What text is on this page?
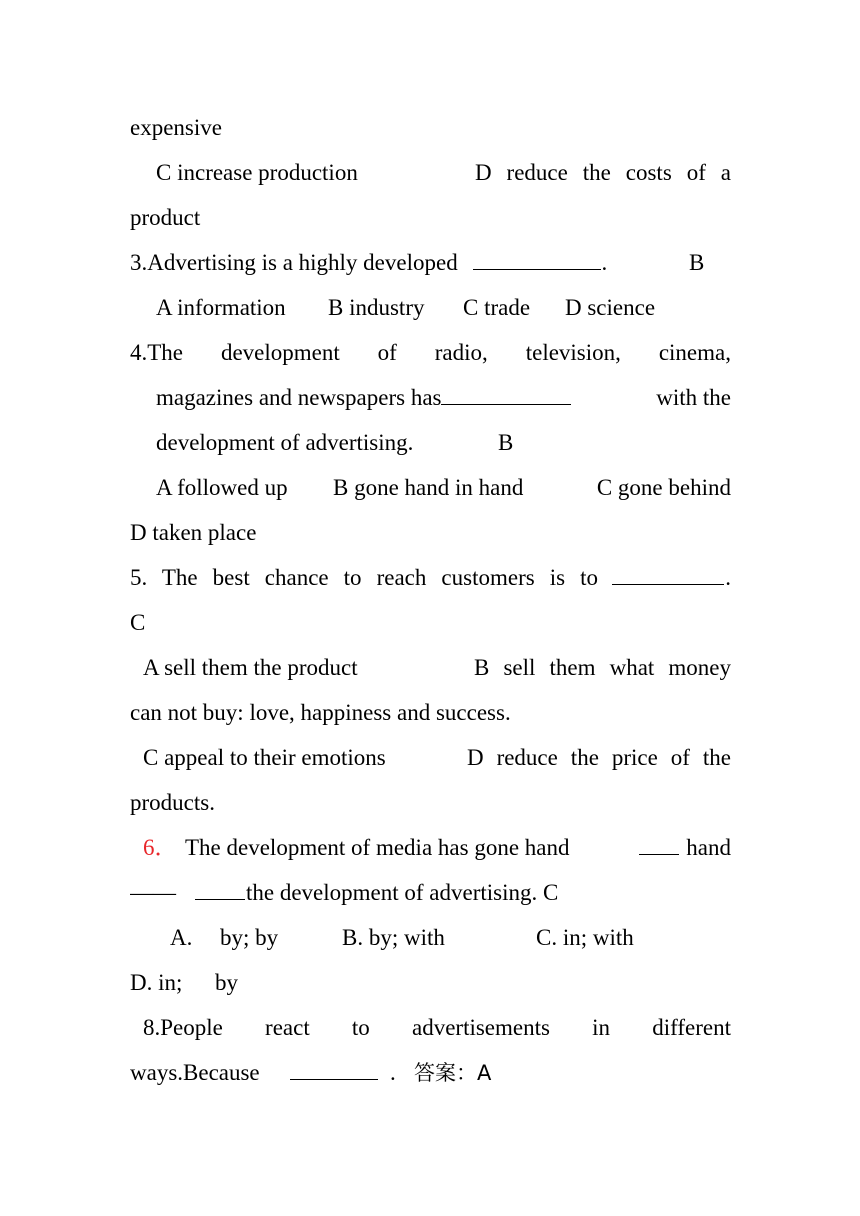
expensive
C increase production	D reduce the costs of a
product
3.Advertising is a highly developed	.	B
A information B industry C trade D science
4.The development of radio, television, cinema,
magazines and newspapers has	with the
development of advertising.	B
A followed up B gone hand in hand	C gone behind
D taken place
5. The best chance to reach customers is to	.
C
A sell them the product	B sell them what money
can not buy: love, happiness and success.
C appeal to their emotions	D reduce the price of the
products.
6． The development of media has gone hand	hand
——	the development of advertising. C
A. by; by	B. by; with	C. in; with
D. in; by
8.People react to advertisements in different
ways.Because	. 答案：A
